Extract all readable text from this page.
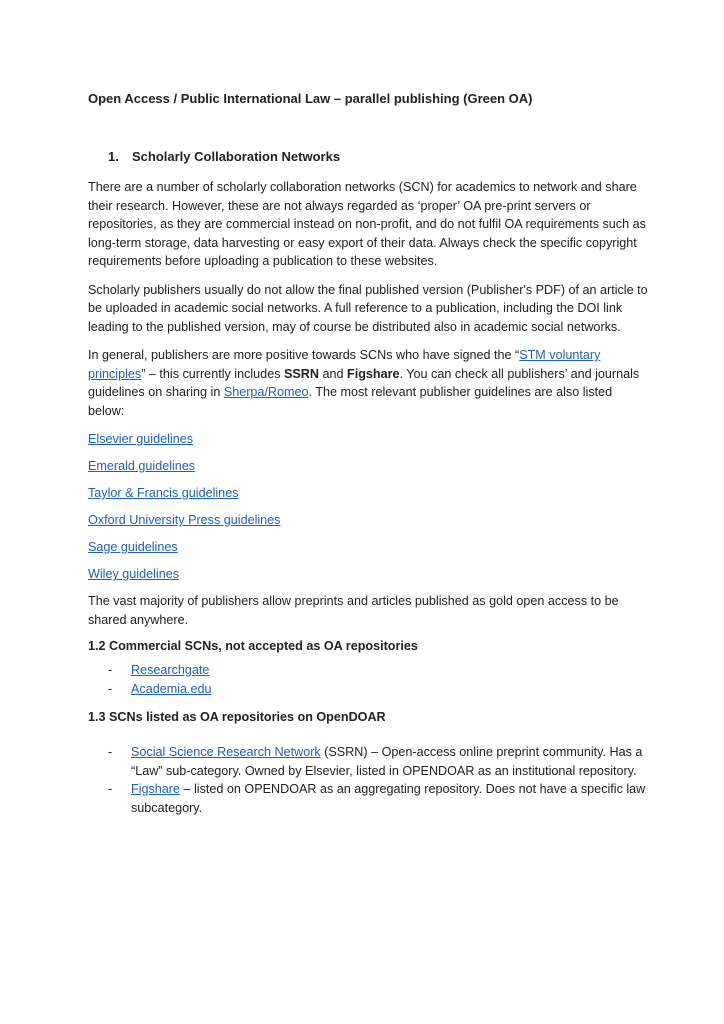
Open Access / Public International Law – parallel publishing (Green OA)
1. Scholarly Collaboration Networks

There are a number of scholarly collaboration networks (SCN) for academics to network and share their research. However, these are not always regarded as ‘proper’ OA pre-print servers or repositories, as they are commercial instead on non-profit, and do not fulfil OA requirements such as long-term storage, data harvesting or easy export of their data. Always check the specific copyright requirements before uploading a publication to these websites.

Scholarly publishers usually do not allow the final published version (Publisher's PDF) of an article to be uploaded in academic social networks. A full reference to a publication, including the DOI link leading to the published version, may of course be distributed also in academic social networks.

In general, publishers are more positive towards SCNs who have signed the “STM voluntary principles” – this currently includes SSRN and Figshare. You can check all publishers’ and journals guidelines on sharing in Sherpa/Romeo. The most relevant publisher guidelines are also listed below:

Elsevier guidelines
Emerald guidelines
Taylor & Francis guidelines
Oxford University Press guidelines
Sage guidelines
Wiley guidelines

The vast majority of publishers allow preprints and articles published as gold open access to be shared anywhere.

1.2 Commercial SCNs, not accepted as OA repositories
- Researchgate
- Academia.edu
1.3 SCNs listed as OA repositories on OpenDOAR
- Social Science Research Network (SSRN) – Open-access online preprint community. Has a “Law” sub-category. Owned by Elsevier, listed in OPENDOAR as an institutional repository.
- Figshare – listed on OPENDOAR as an aggregating repository. Does not have a specific law subcategory.
